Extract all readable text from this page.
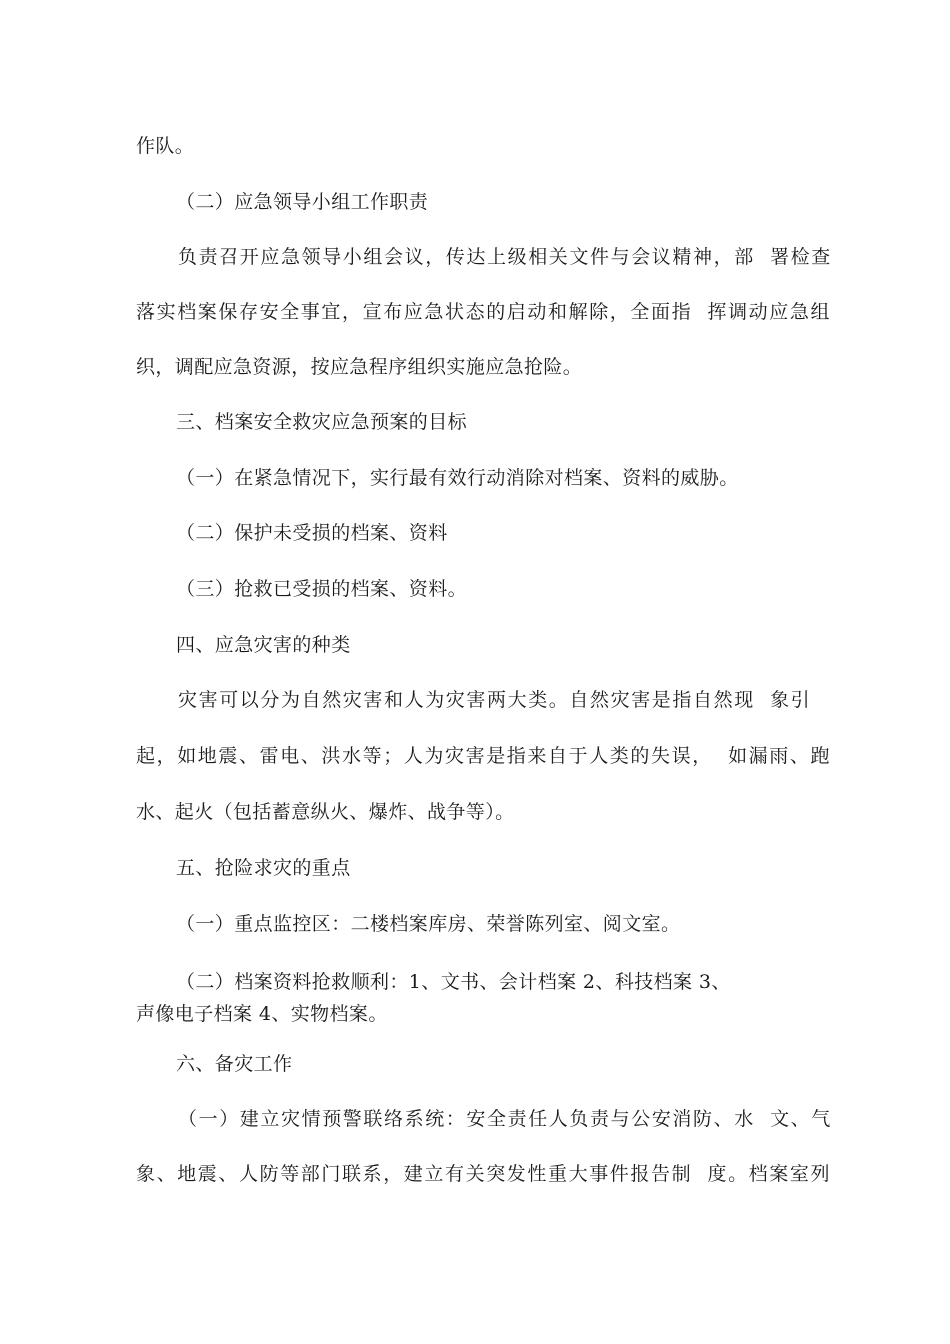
作队。
（二）应急领导小组工作职责
负责召开应急领导小组会议，传达上级相关文件与会议精神，部  署检查
落实档案保存安全事宜，宣布应急状态的启动和解除，全面指  挥调动应急组
织，调配应急资源，按应急程序组织实施应急抢险。
三、档案安全救灾应急预案的目标
（一）在紧急情况下，实行最有效行动消除对档案、资料的威胁。
（二）保护未受损的档案、资料
（三）抢救已受损的档案、资料。
四、应急灾害的种类
灾害可以分为自然灾害和人为灾害两大类。自然灾害是指自然现  象引
起，如地震、雷电、洪水等；人为灾害是指来自于人类的失误，  如漏雨、跑
水、起火（包括蓄意纵火、爆炸、战争等）。
五、抢险求灾的重点
（一）重点监控区：二楼档案库房、荣誉陈列室、阅文室。
（二）档案资料抢救顺利：1、文书、会计档案 2、科技档案 3、
声像电子档案 4、实物档案。
六、备灾工作
（一）建立灾情预警联络系统：安全责任人负责与公安消防、水  文、气
象、地震、人防等部门联系，建立有关突发性重大事件报告制  度。档案室列
